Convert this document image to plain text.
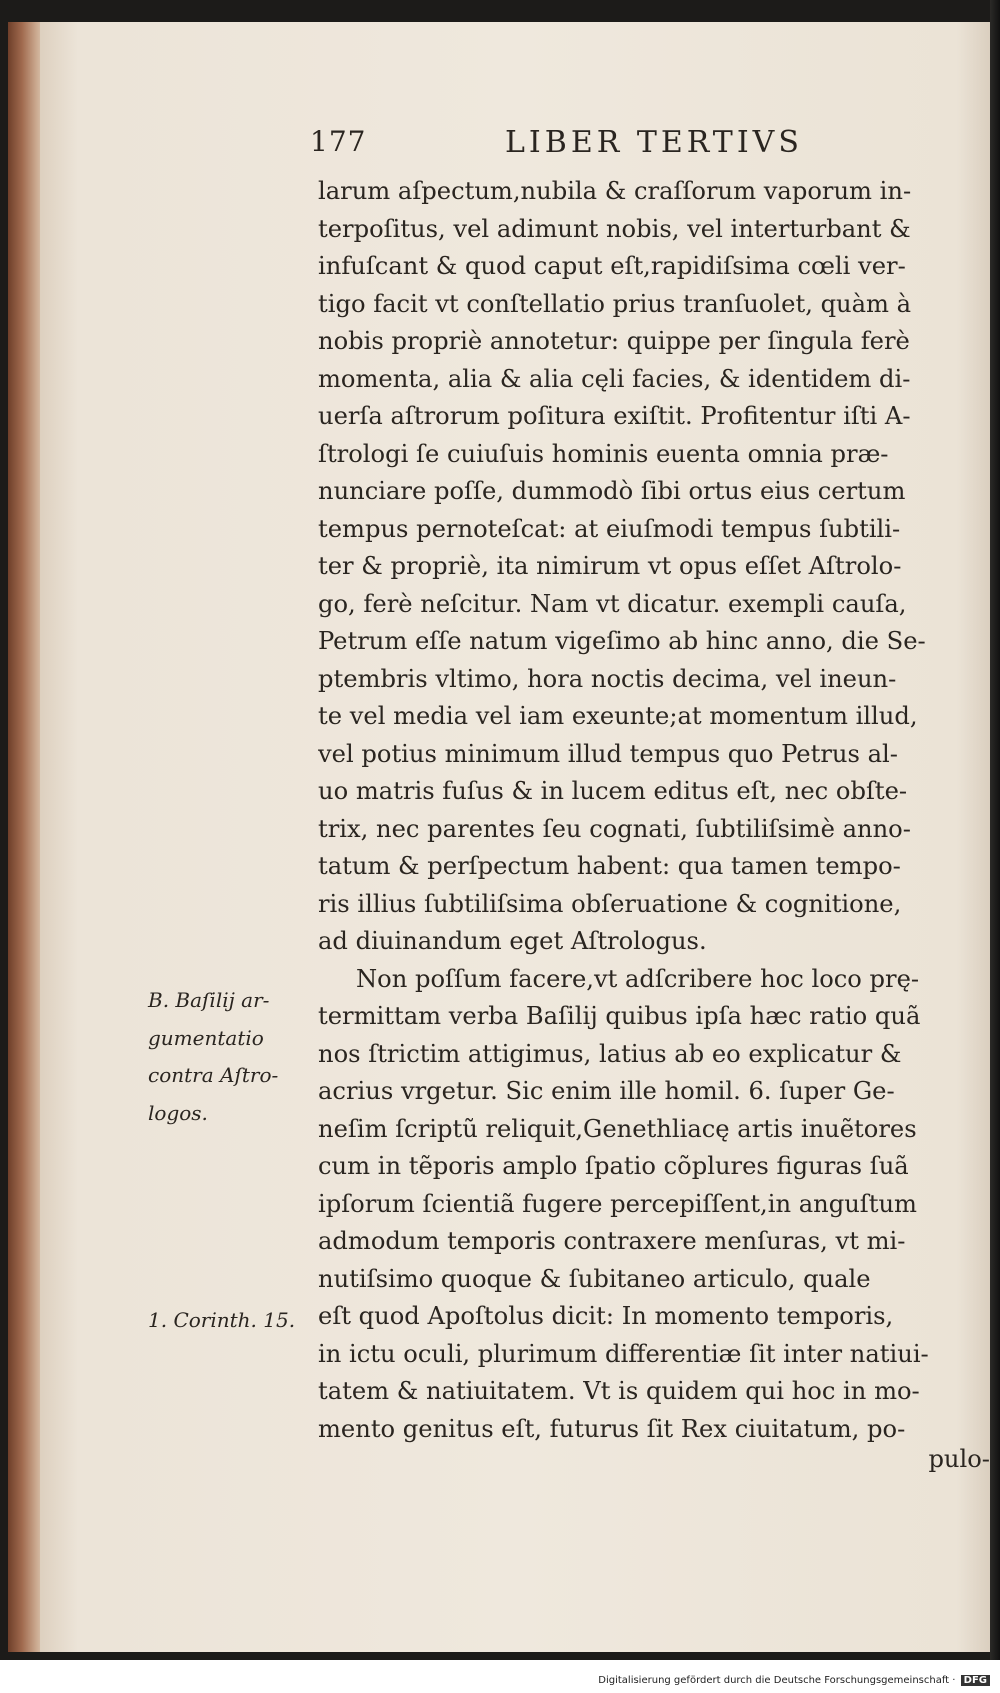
177	LIBER TERTIVS
larum aſpectum,nubila & craſſorum vaporum in-
terpoſitus, vel adimunt nobis, vel interturbant &
infuſcant & quod caput eſt,rapidiſsima cœli ver-
tigo facit vt conſtellatio prius tranſuolet, quàm à
nobis propriè annotetur: quippe per ſingula ferè
momenta, alia & alia cęli facies, & identidem di-
uerſa aſtrorum poſitura exiſtit. Profitentur iſti A-
ſtrologi ſe cuiuſuis hominis euenta omnia præ-
nunciare poſſe, dummodò ſibi ortus eius certum
tempus pernoteſcat: at eiuſmodi tempus ſubtili-
ter & propriè, ita nimirum vt opus eſſet Aſtrolo-
go, ferè neſcitur. Nam vt dicatur. exempli cauſa,
Petrum eſſe natum vigeſimo ab hinc anno, die Se-
ptembris vltimo, hora noctis decima, vel ineun-
te vel media vel iam exeunte;at momentum illud,
vel potius minimum illud tempus quo Petrus al-
uo matris fuſus & in lucem editus eſt, nec obſte-
trix, nec parentes ſeu cognati, ſubtiliſsimè anno-
tatum & perſpectum habent: qua tamen tempo-
ris illius ſubtiliſsima obſeruatione & cognitione,
ad diuinandum eget Aſtrologus.
Non poſſum facere,vt adſcribere hoc loco prę-
termittam verba Baſilij quibus ipſa hæc ratio quã
nos ſtrictim attigimus, latius ab eo explicatur &
acrius vrgetur. Sic enim ille homil. 6. ſuper Ge-
neſim ſcriptũ reliquit,Genethliacę artis inuẽtores
cum in tẽporis amplo ſpatio cõplures figuras ſuã
ipſorum ſcientiã fugere percepiſſent,in anguſtum
admodum temporis contraxere menſuras, vt mi-
nutiſsimo quoque & ſubitaneo articulo, quale
eſt quod Apoſtolus dicit: In momento temporis,
in ictu oculi, plurimum differentiæ ſit inter natiui-
tatem & natiuitatem. Vt is quidem qui hoc in mo-
mento genitus eſt, futurus ſit Rex ciuitatum, po-
pulo-
B. Baſilij ar-
gumentatio
contra Aſtro-
logos.
1. Corinth. 15.
Digitalisierung gefördert durch die Deutsche Forschungsgemeinschaft · DFG
